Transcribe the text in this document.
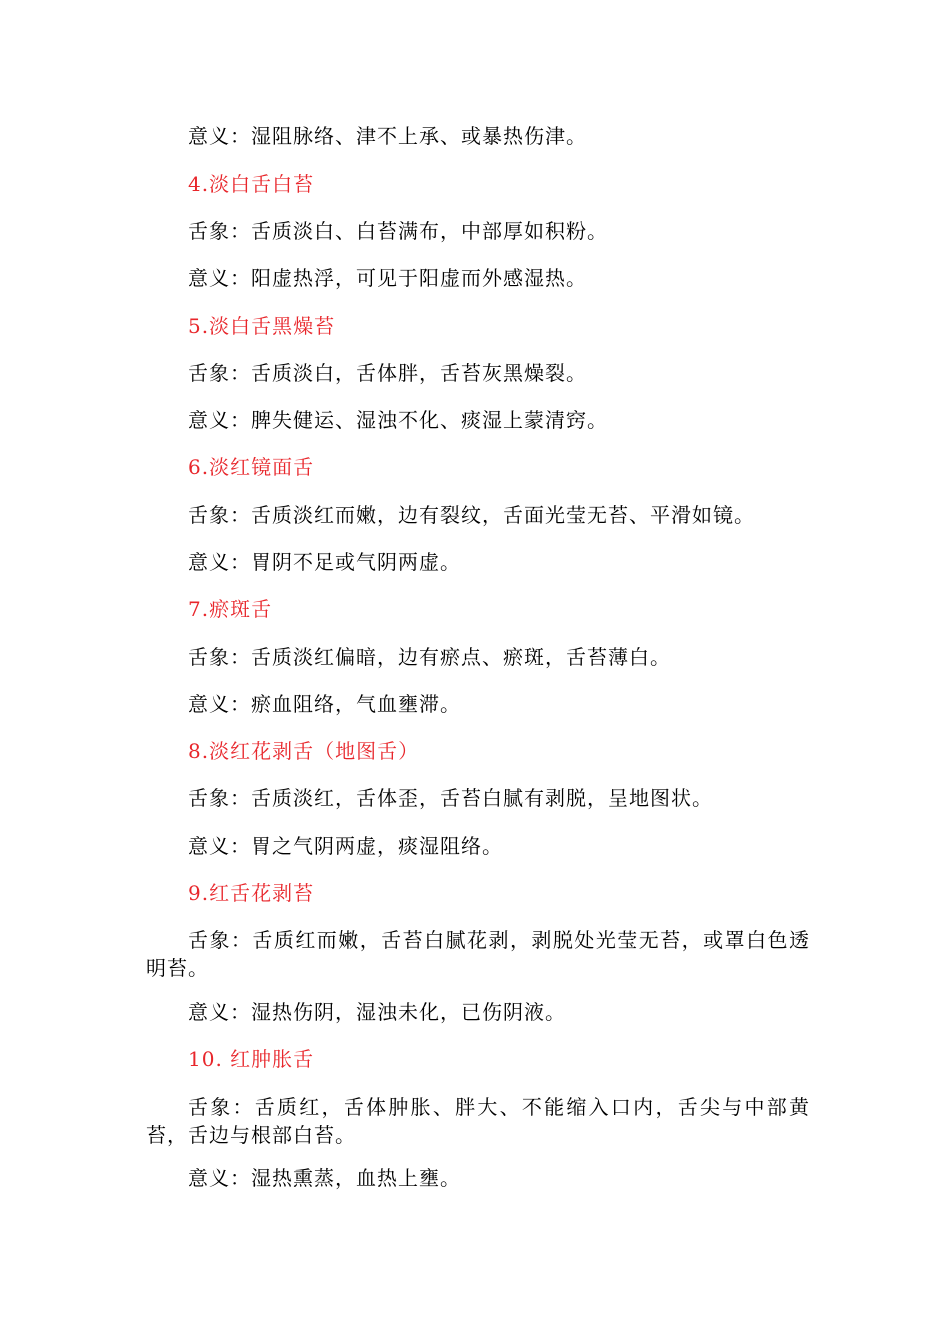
意义：湿阻脉络、津不上承、或暴热伤津。
4.淡白舌白苔
舌象：舌质淡白、白苔满布，中部厚如积粉。
意义：阳虚热浮，可见于阳虚而外感湿热。
5.淡白舌黑燥苔
舌象：舌质淡白，舌体胖，舌苔灰黑燥裂。
意义：脾失健运、湿浊不化、痰湿上蒙清窍。
6.淡红镜面舌
舌象：舌质淡红而嫩，边有裂纹，舌面光莹无苔、平滑如镜。
意义：胃阴不足或气阴两虚。
7.瘀斑舌
舌象：舌质淡红偏暗，边有瘀点、瘀斑，舌苔薄白。
意义：瘀血阻络，气血壅滞。
8.淡红花剥舌（地图舌）
舌象：舌质淡红，舌体歪，舌苔白腻有剥脱，呈地图状。
意义：胃之气阴两虚，痰湿阻络。
9.红舌花剥苔
舌象：舌质红而嫩，舌苔白腻花剥，剥脱处光莹无苔，或罩白色透明苔。
意义：湿热伤阴，湿浊未化，已伤阴液。
10. 红肿胀舌
舌象：舌质红，舌体肿胀、胖大、不能缩入口内，舌尖与中部黄苔，舌边与根部白苔。
意义：湿热熏蒸，血热上壅。
